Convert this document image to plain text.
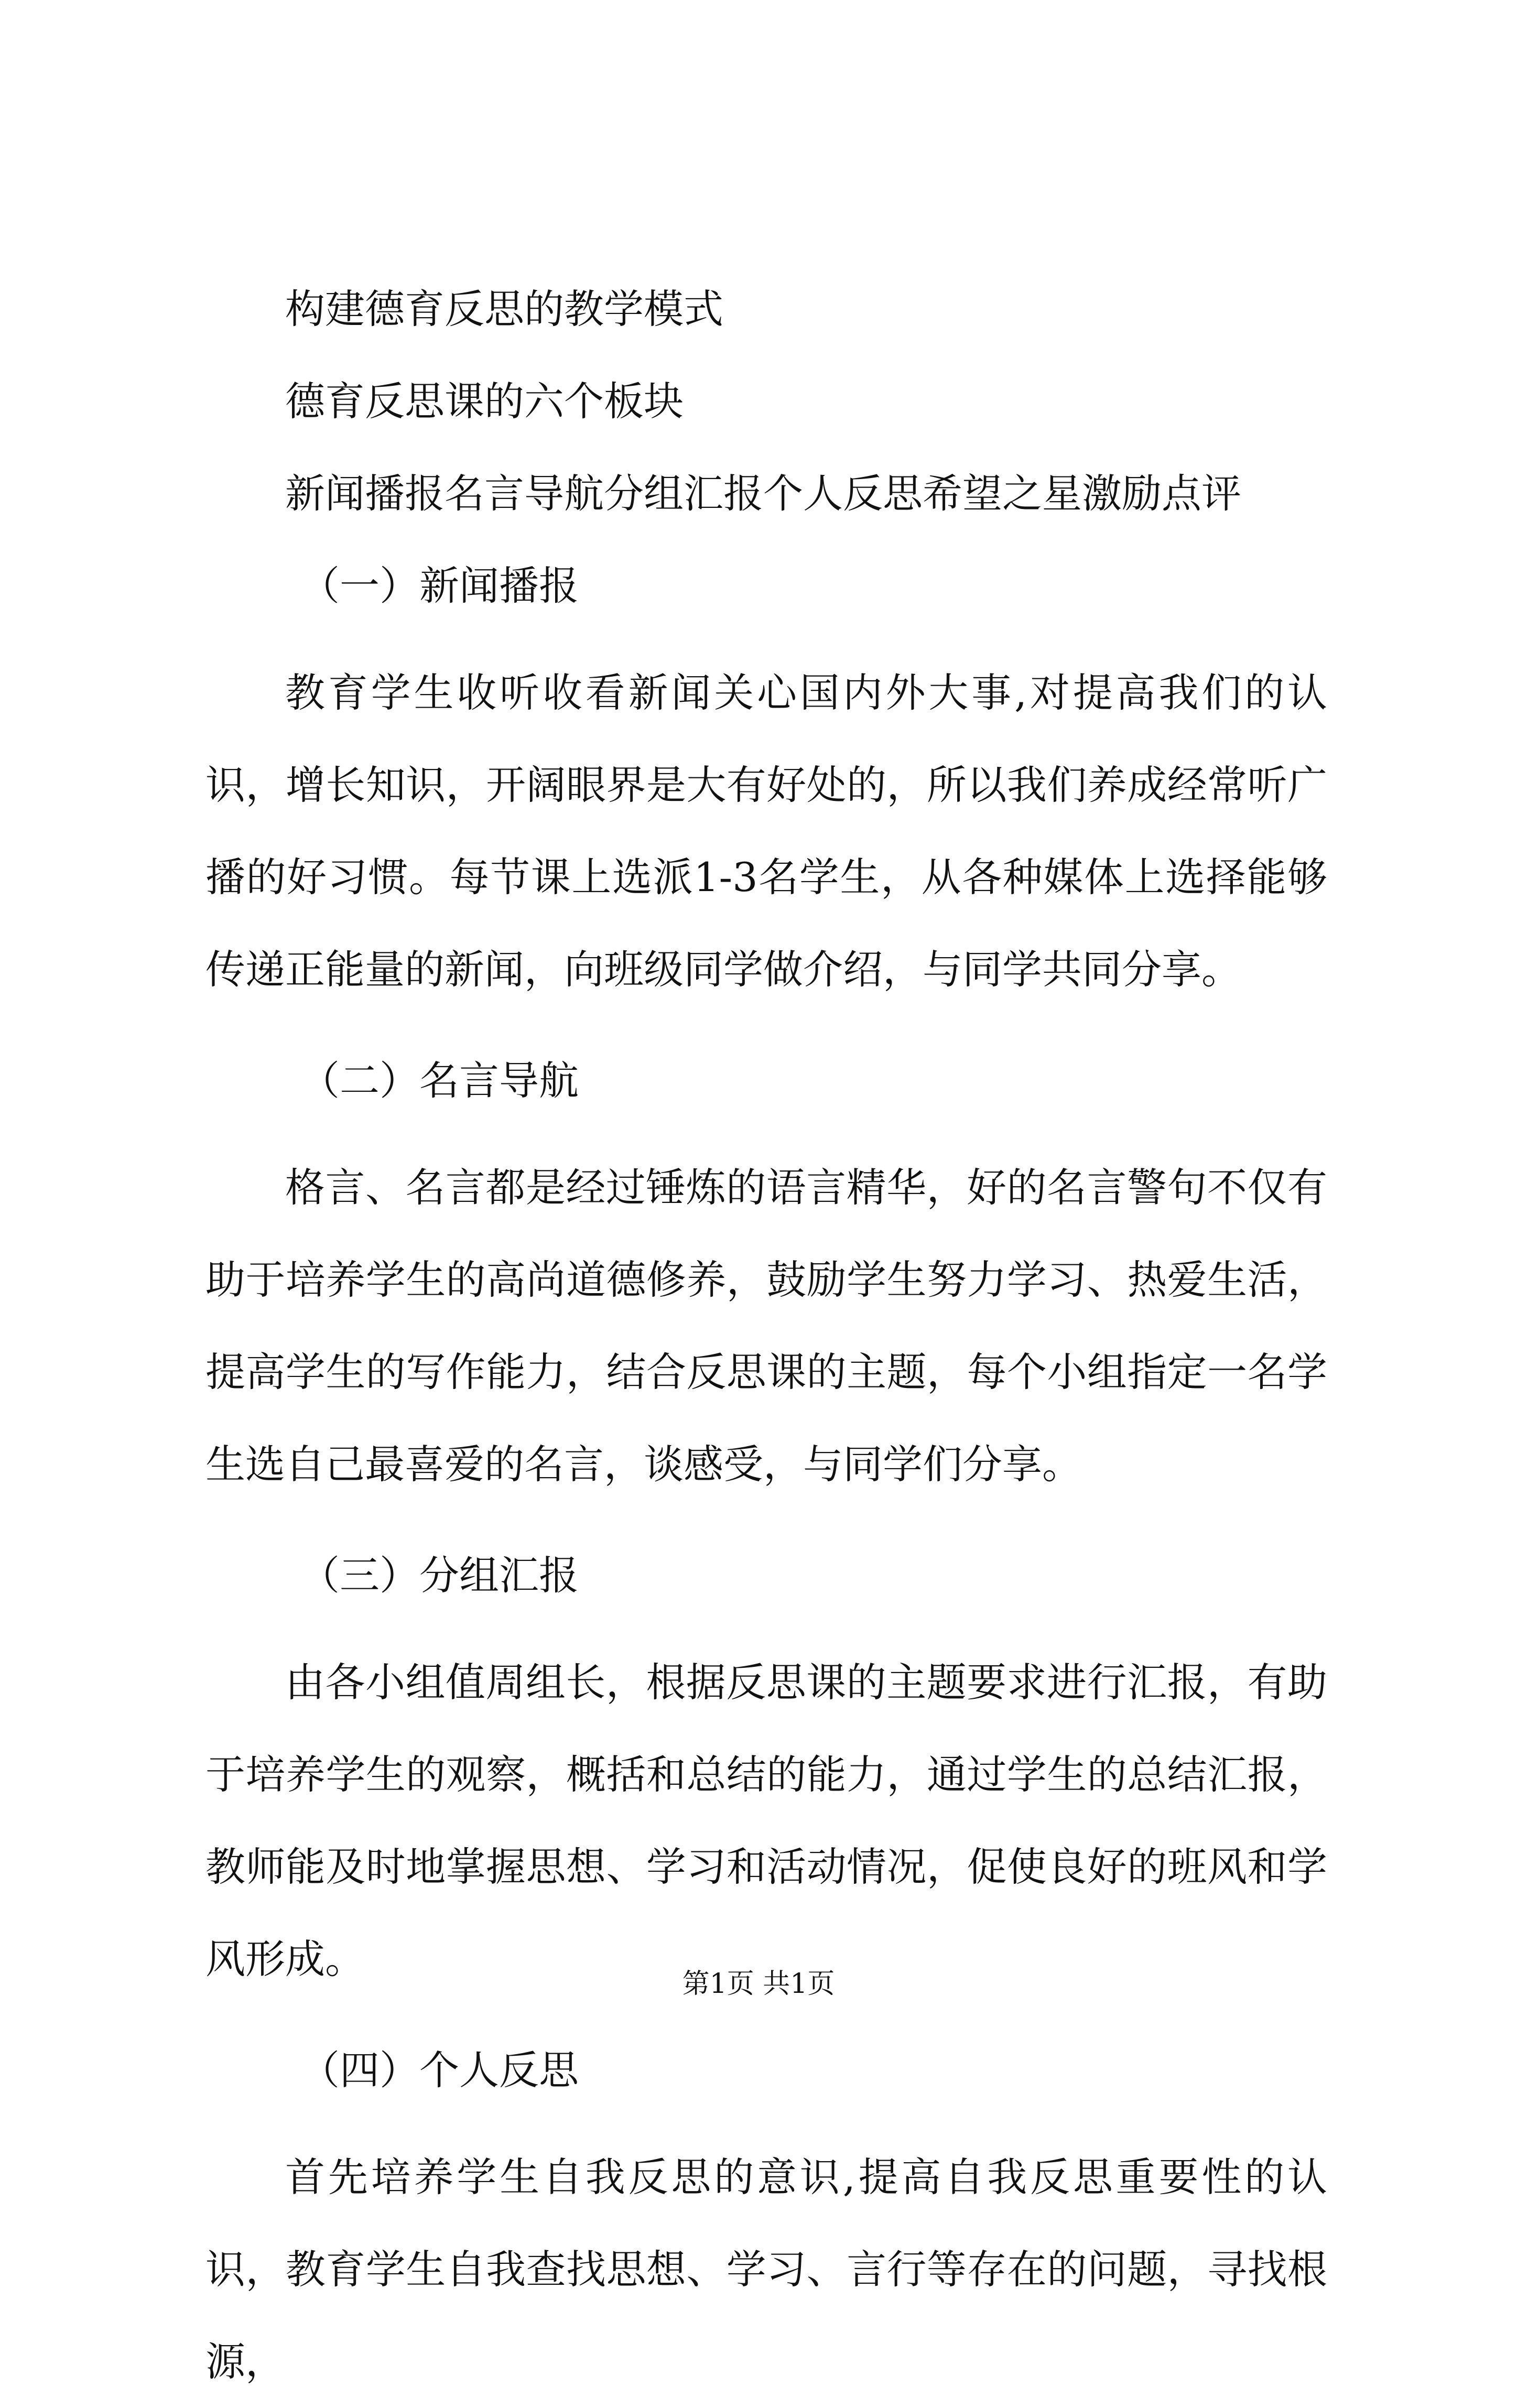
构建德育反思的教学模式

德育反思课的六个板块

新闻播报名言导航分组汇报个人反思希望之星激励点评

（一）新闻播报

教育学生收听收看新闻关心国内外大事,对提高我们的认识，增长知识，开阔眼界是大有好处的，所以我们养成经常听广播的好习惯。每节课上选派1-3名学生，从各种媒体上选择能够传递正能量的新闻，向班级同学做介绍，与同学共同分享。

（二）名言导航

格言、名言都是经过锤炼的语言精华，好的名言警句不仅有助于培养学生的高尚道德修养，鼓励学生努力学习、热爱生活，提高学生的写作能力，结合反思课的主题，每个小组指定一名学生选自己最喜爱的名言，谈感受，与同学们分享。

（三）分组汇报

由各小组值周组长，根据反思课的主题要求进行汇报，有助于培养学生的观察，概括和总结的能力，通过学生的总结汇报，教师能及时地掌握思想、学习和活动情况，促使良好的班风和学风形成。

（四）个人反思

首先培养学生自我反思的意识,提高自我反思重要性的认识，教育学生自我查找思想、学习、言行等存在的问题，寻找根源，

第1页 共1页
